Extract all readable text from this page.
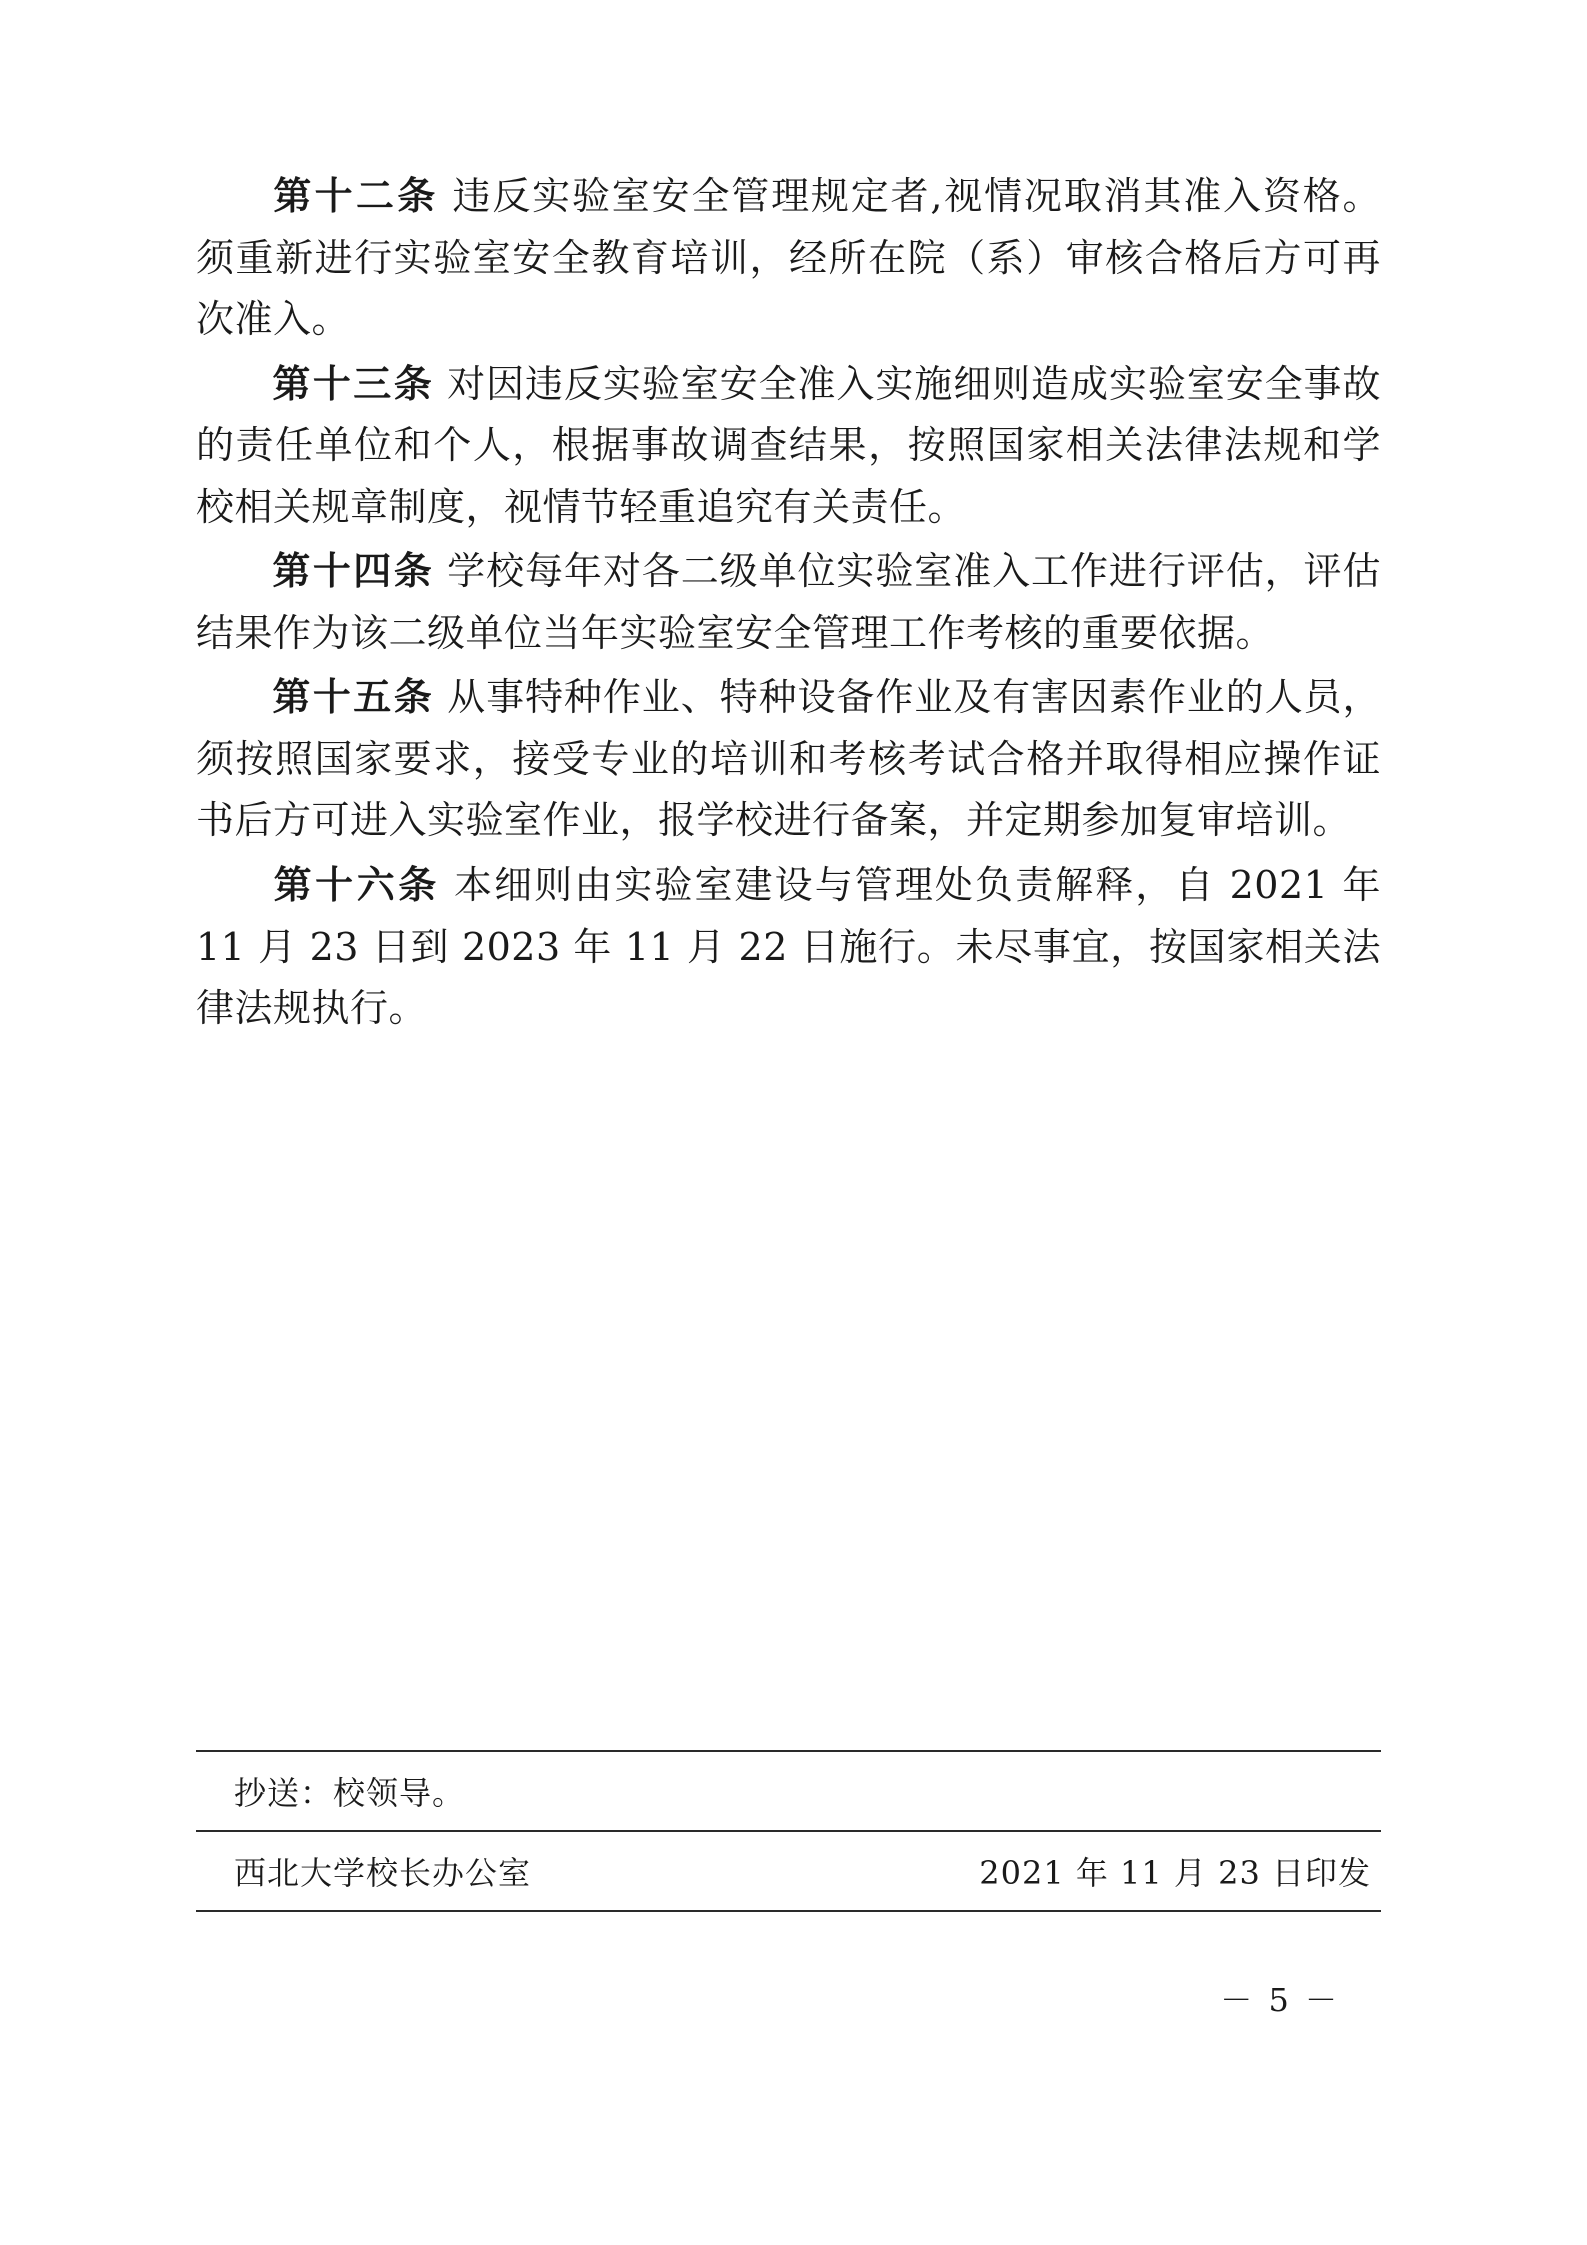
第十二条 违反实验室安全管理规定者,视情况取消其准入资格。须重新进行实验室安全教育培训，经所在院（系）审核合格后方可再次准入。

第十三条 对因违反实验室安全准入实施细则造成实验室安全事故的责任单位和个人，根据事故调查结果，按照国家相关法律法规和学校相关规章制度，视情节轻重追究有关责任。

第十四条 学校每年对各二级单位实验室准入工作进行评估，评估结果作为该二级单位当年实验室安全管理工作考核的重要依据。

第十五条 从事特种作业、特种设备作业及有害因素作业的人员，须按照国家要求，接受专业的培训和考核考试合格并取得相应操作证书后方可进入实验室作业，报学校进行备案，并定期参加复审培训。

第十六条 本细则由实验室建设与管理处负责解释，自 2021 年 11 月 23 日到 2023 年 11 月 22 日施行。未尽事宜，按国家相关法律法规执行。

抄送：校领导。
西北大学校长办公室	2021 年 11 月 23 日印发
－ 5 －
